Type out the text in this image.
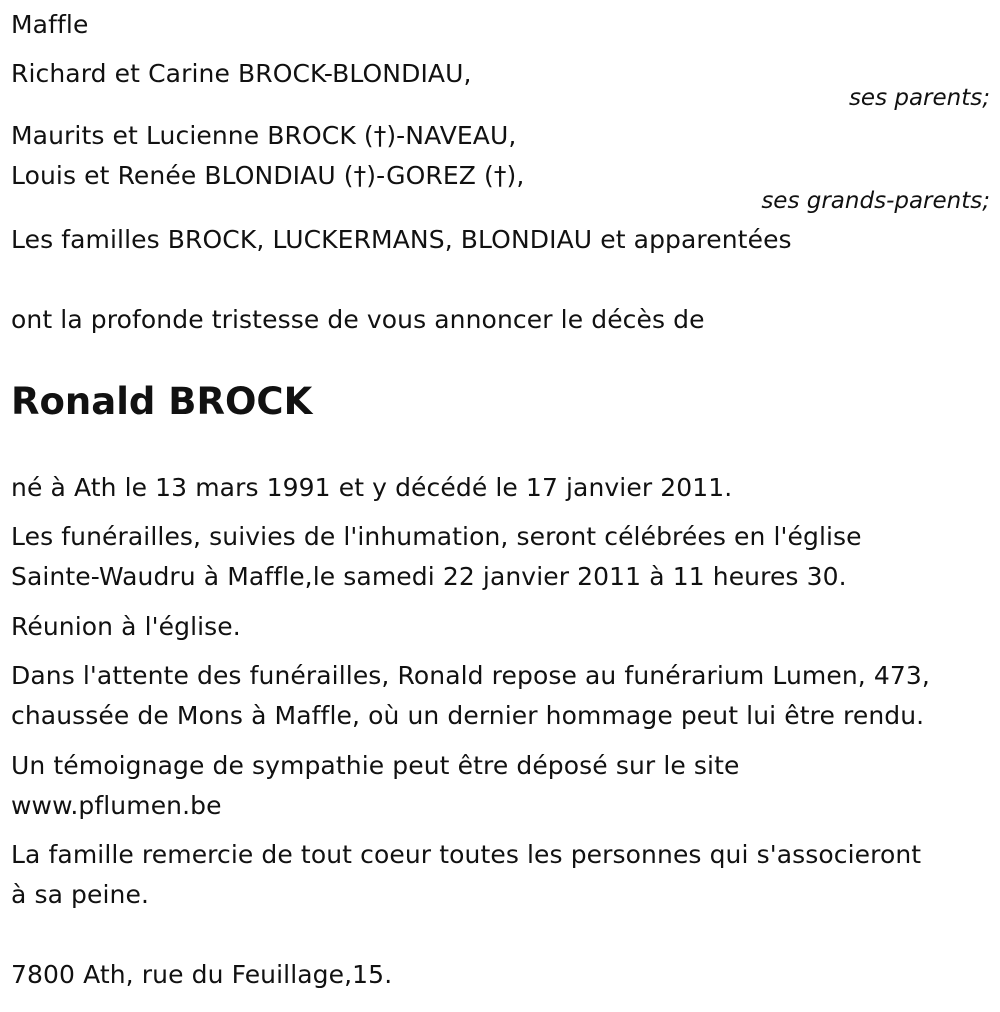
Maffle
Richard et Carine BROCK-BLONDIAU,
ses parents;
Maurits et Lucienne BROCK (†)-NAVEAU,
Louis et Renée BLONDIAU (†)-GOREZ (†),
ses grands-parents;
Les familles BROCK, LUCKERMANS, BLONDIAU et apparentées
ont la profonde tristesse de vous annoncer le décès de
Ronald BROCK
né à Ath le 13 mars 1991 et y décédé le 17 janvier 2011.
Les funérailles, suivies de l'inhumation, seront célébrées en l'église
Sainte-Waudru à Maffle,le samedi 22 janvier 2011 à 11 heures 30.
Réunion à l'église.
Dans l'attente des funérailles, Ronald repose au funérarium Lumen, 473,
chaussée de Mons à Maffle, où un dernier hommage peut lui être rendu.
Un témoignage de sympathie peut être déposé sur le site
www.pflumen.be
La famille remercie de tout coeur toutes les personnes qui s'associeront
à sa peine.
7800 Ath, rue du Feuillage,15.
